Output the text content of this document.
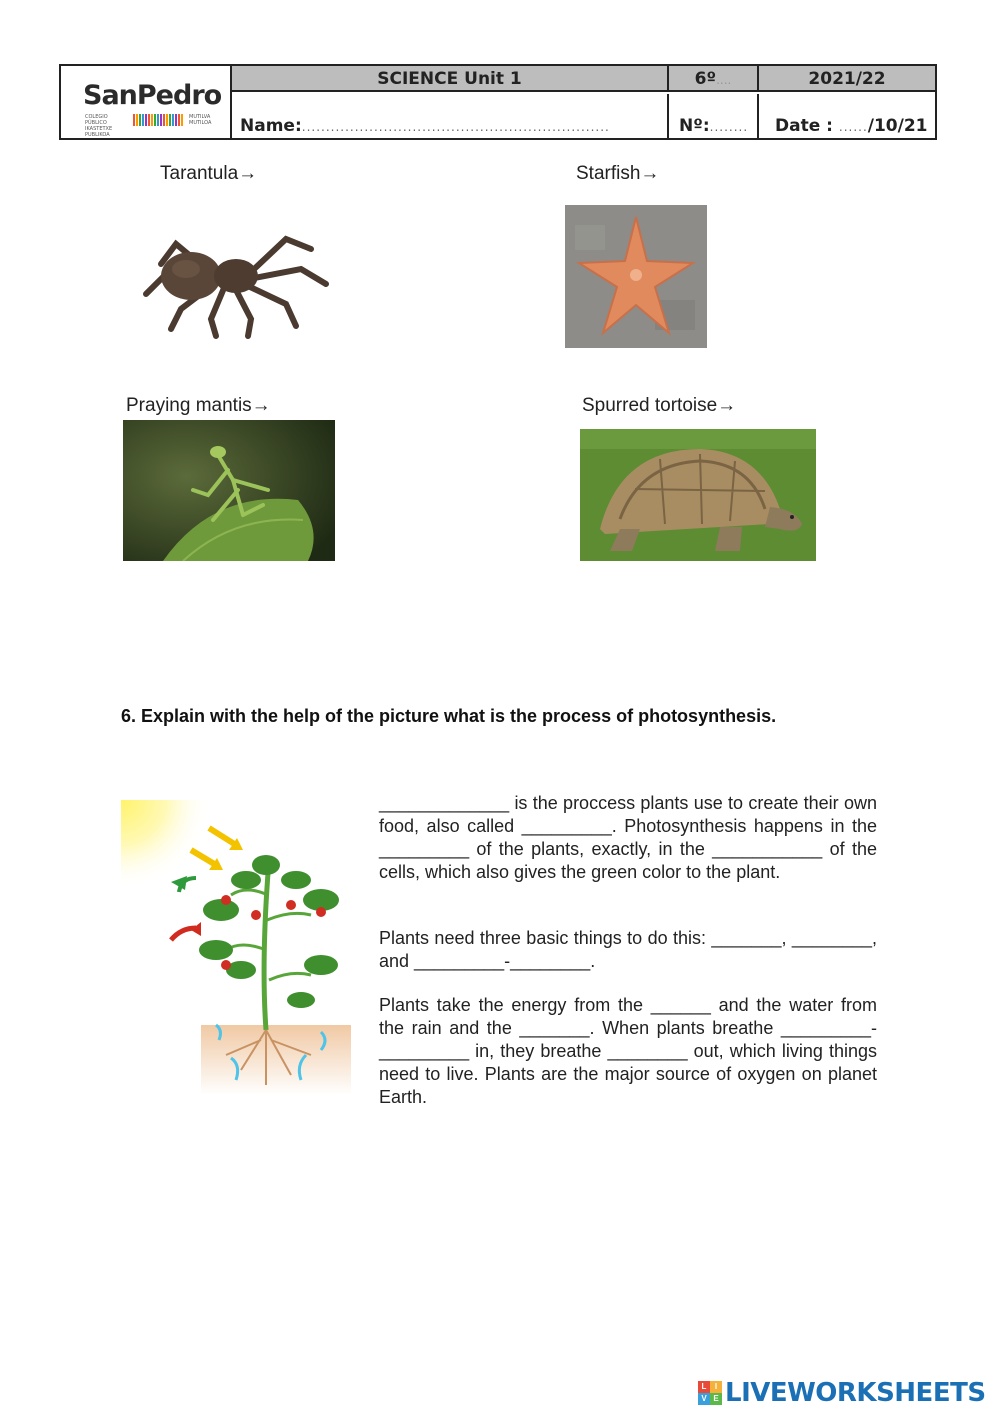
SanPedro
COLEGIO PÚBLICO IKASTETXE PUBLIKOA
MUTILVA MUTILOA
SCIENCE Unit 1	6º....	2021/22
Name:................................................................	Nº:........	Date : ....../10/21
Tarantula→	Starfish→
Praying mantis→	Spurred tortoise→
6. Explain with the help of the picture what is the process of photosynthesis.
_____________ is the proccess plants use to create their own food, also called _________. Photosynthesis happens in the _________ of the plants, exactly, in the ___________ of the cells, which also gives the green color to the plant.
Plants need three basic things to do this: _______, ________, and _________-________.
Plants take the energy from the ______ and the water from the rain and the _______. When plants breathe _________-_________ in, they breathe ________ out, which living things need to live. Plants are the major source of oxygen on planet Earth.
L	I
V E LIVEWORKSHEETS
